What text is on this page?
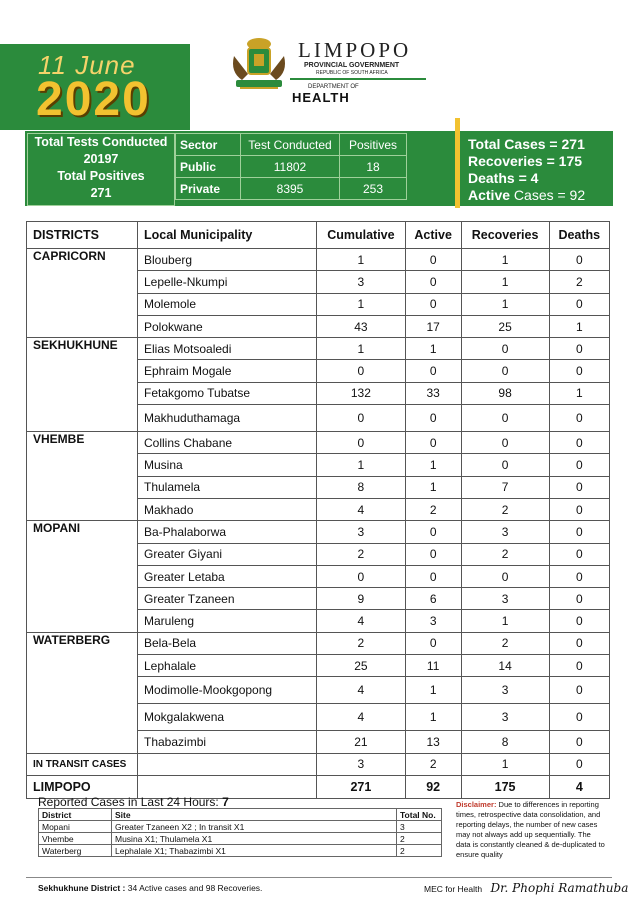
11 June
2020
LIMPOPO
PROVINCIAL GOVERNMENT
REPUBLIC OF SOUTH AFRICA
DEPARTMENT OF
HEALTH
Total Tests Conducted
20197
Total Positives
271
Sector	Test Conducted	Positives
Public	11802	18
Private	8395	253
Total Cases = 271
Recoveries = 175
Deaths = 4
Active Cases = 92
DISTRICTS	Local Municipality	Cumulative	Active	Recoveries	Deaths
CAPRICORN	Blouberg	1	0	1	0
	Lepelle-Nkumpi	3	0	1	2
	Molemole	1	0	1	0
	Polokwane	43	17	25	1
SEKHUKHUNE	Elias Motsoaledi	1	1	0	0
	Ephraim Mogale	0	0	0	0
	Fetakgomo Tubatse	132	33	98	1
	Makhuduthamaga	0	0	0	0
VHEMBE	Collins Chabane	0	0	0	0
	Musina	1	1	0	0
	Thulamela	8	1	7	0
	Makhado	4	2	2	0
MOPANI	Ba-Phalaborwa	3	0	3	0
	Greater Giyani	2	0	2	0
	Greater Letaba	0	0	0	0
	Greater Tzaneen	9	6	3	0
	Maruleng	4	3	1	0
WATERBERG	Bela-Bela	2	0	2	0
	Lephalale	25	11	14	0
	Modimolle-Mookgopong	4	1	3	0
	Mokgalakwena	4	1	3	0
	Thabazimbi	21	13	8	0
IN TRANSIT CASES		3	2	1	0
LIMPOPO		271	92	175	4
Reported Cases in Last 24 Hours: 7
District	Site	Total No.
Mopani	Greater Tzaneen X2 ; In transit X1	3
Vhembe	Musina X1; Thulamela X1	2
Waterberg	Lephalale X1; Thabazimbi X1	2
Disclaimer: Due to differences in reporting times, retrospective data consolidation, and reporting delays, the number of new cases may not always add up sequentially. The data is constantly cleaned & de-duplicated to ensure quality
Sekhukhune District : 34 Active cases and 98 Recoveries.	MEC for Health Dr. Phophi Ramathuba
